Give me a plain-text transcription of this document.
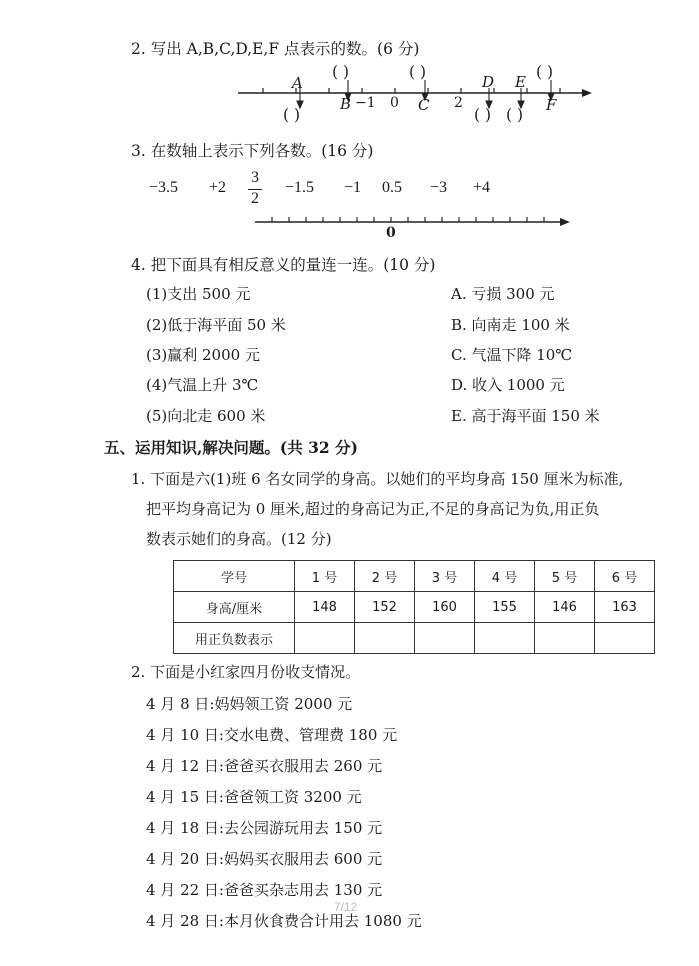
2. 写出 A,B,C,D,E,F 点表示的数。(6 分)
A
( )
( )
B −1 0
( )
C 2
D
( )
E
( )
( )
F
3. 在数轴上表示下列各数。(16 分)
−3.5 +2
3
2
−1.5 −1 0.5 −3 +4
0
4. 把下面具有相反意义的量连一连。(10 分)
(1)支出 500 元
(2)低于海平面 50 米
(3)赢利 2000 元
(4)气温上升 3℃
(5)向北走 600 米
A. 亏损 300 元
B. 向南走 100 米
C. 气温下降 10℃
D. 收入 1000 元
E. 高于海平面 150 米
五、运用知识,解决问题。(共 32 分)
1. 下面是六(1)班 6 名女同学的身高。以她们的平均身高 150 厘米为标准,
把平均身高记为 0 厘米,超过的身高记为正,不足的身高记为负,用正负
数表示她们的身高。(12 分)
学号	1 号	2 号	3 号	4 号	5 号	6 号
身高/厘米	148	152	160	155	146	163
用正负数表示						
2. 下面是小红家四月份收支情况。
4 月 8 日:妈妈领工资 2000 元
4 月 10 日:交水电费、管理费 180 元
4 月 12 日:爸爸买衣服用去 260 元
4 月 15 日:爸爸领工资 3200 元
4 月 18 日:去公园游玩用去 150 元
4 月 20 日:妈妈买衣服用去 600 元
4 月 22 日:爸爸买杂志用去 130 元
4 月 28 日:本月伙食费合计用去 1080 元
7/12
